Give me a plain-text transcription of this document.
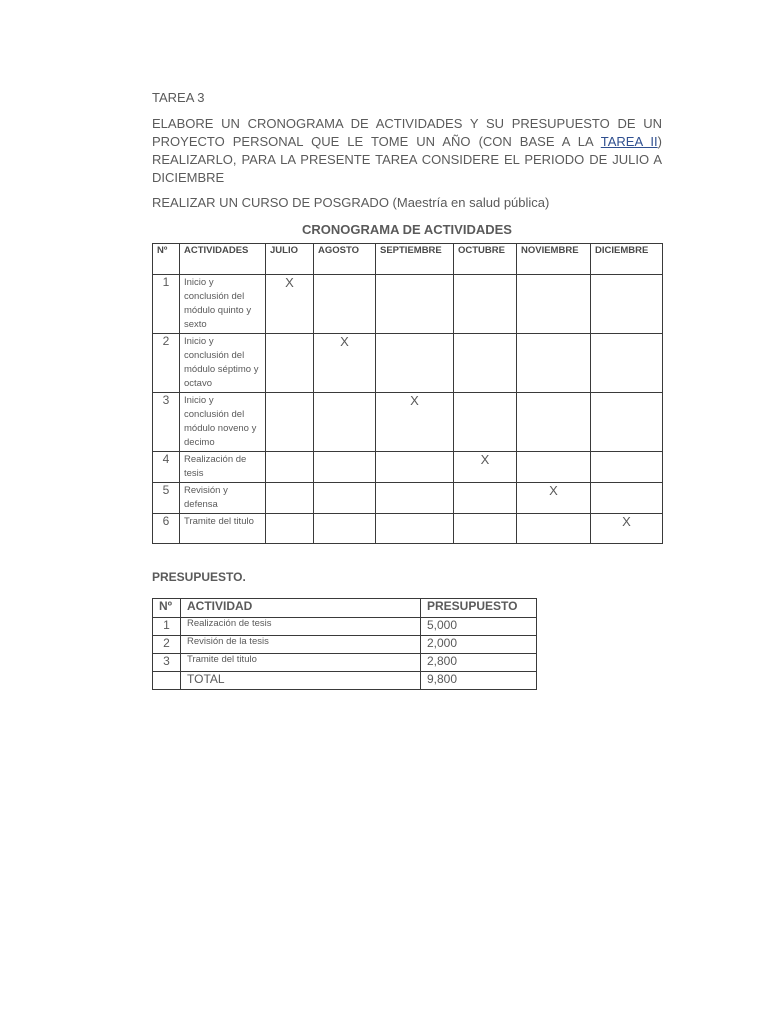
TAREA 3

ELABORE UN CRONOGRAMA DE ACTIVIDADES Y SU PRESUPUESTO DE UN PROYECTO PERSONAL QUE LE TOME UN AÑO (CON BASE A LA TAREA II) REALIZARLO, PARA LA PRESENTE TAREA CONSIDERE EL PERIODO DE JULIO A DICIEMBRE

REALIZAR UN CURSO DE POSGRADO (Maestría en salud pública)

CRONOGRAMA DE ACTIVIDADES
Nº	ACTIVIDADES	JULIO	AGOSTO	SEPTIEMBRE	OCTUBRE	NOVIEMBRE	DICIEMBRE
1	Inicio y conclusión del módulo quinto y sexto	X					
2	Inicio y conclusión del módulo séptimo y octavo		X				
3	Inicio y conclusión del módulo noveno y decimo			X			
4	Realización de tesis				X		
5	Revisión y defensa					X	
6	Tramite del titulo						X
PRESUPUESTO.
Nº	ACTIVIDAD	PRESUPUESTO
1	Realización de tesis	5,000
2	Revisión de la tesis	2,000
3	Tramite del titulo	2,800
	TOTAL	9,800
